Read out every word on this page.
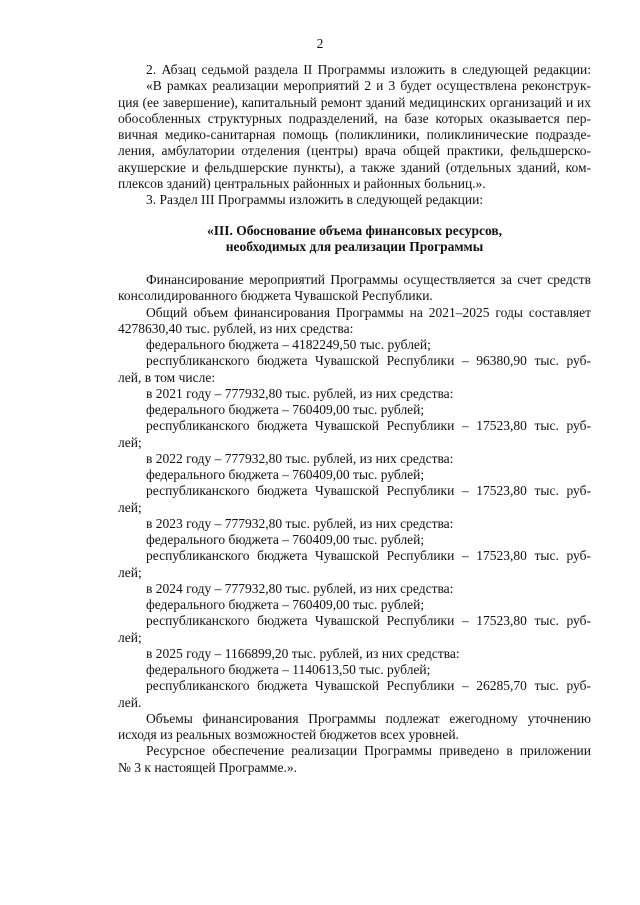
2
2. Абзац седьмой раздела II Программы изложить в следующей редакции:
«В рамках реализации мероприятий 2 и 3 будет осуществлена реконструк-
ция (ее завершение), капитальный ремонт зданий медицинских организаций и их
обособленных структурных подразделений, на базе которых оказывается пер-
вичная медико-санитарная помощь (поликлиники, поликлинические подразде-
ления, амбулатории отделения (центры) врача общей практики, фельдшерско-
акушерские и фельдшерские пункты), а также зданий (отдельных зданий, ком-
плексов зданий) центральных районных и районных больниц.».
3. Раздел III Программы изложить в следующей редакции:
«III. Обоснование объема финансовых ресурсов,
необходимых для реализации Программы
Финансирование мероприятий Программы осуществляется за счет средств
консолидированного бюджета Чувашской Республики.
Общий объем финансирования Программы на 2021–2025 годы составляет
4278630,40 тыс. рублей, из них средства:
федерального бюджета – 4182249,50 тыс. рублей;
республиканского бюджета Чувашской Республики – 96380,90 тыс. руб-
лей, в том числе:
в 2021 году – 777932,80 тыс. рублей, из них средства:
федерального бюджета – 760409,00 тыс. рублей;
республиканского бюджета Чувашской Республики – 17523,80 тыс. руб-
лей;
в 2022 году – 777932,80 тыс. рублей, из них средства:
федерального бюджета – 760409,00 тыс. рублей;
республиканского бюджета Чувашской Республики – 17523,80 тыс. руб-
лей;
в 2023 году – 777932,80 тыс. рублей, из них средства:
федерального бюджета – 760409,00 тыс. рублей;
республиканского бюджета Чувашской Республики – 17523,80 тыс. руб-
лей;
в 2024 году – 777932,80 тыс. рублей, из них средства:
федерального бюджета – 760409,00 тыс. рублей;
республиканского бюджета Чувашской Республики – 17523,80 тыс. руб-
лей;
в 2025 году – 1166899,20 тыс. рублей, из них средства:
федерального бюджета – 1140613,50 тыс. рублей;
республиканского бюджета Чувашской Республики – 26285,70 тыс. руб-
лей.
Объемы финансирования Программы подлежат ежегодному уточнению
исходя из реальных возможностей бюджетов всех уровней.
Ресурсное обеспечение реализации Программы приведено в приложении
№ 3 к настоящей Программе.».
